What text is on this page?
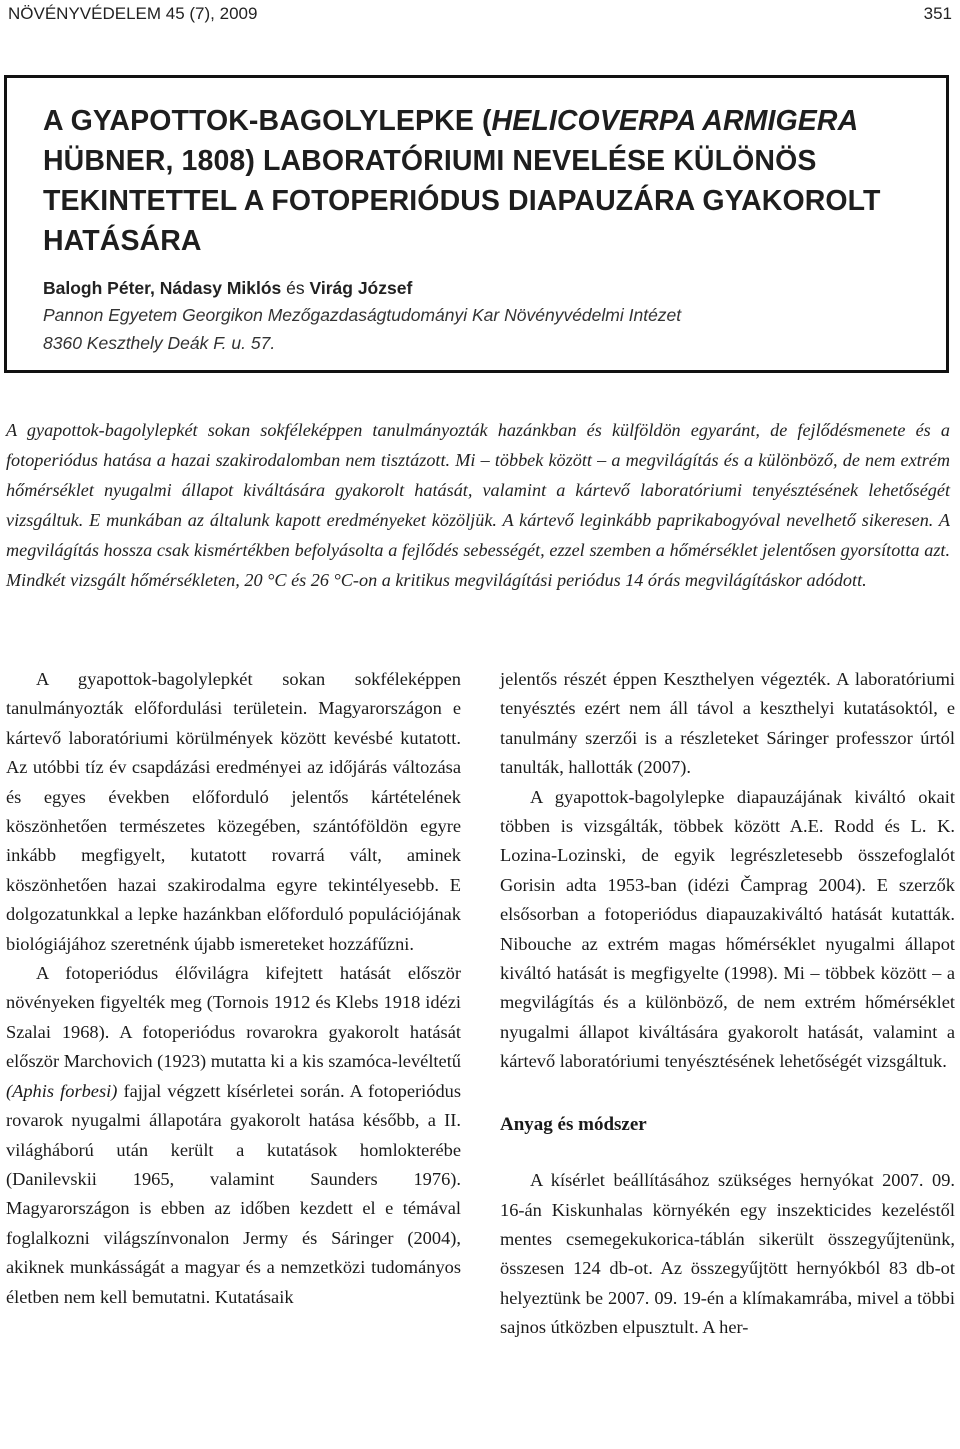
NÖVÉNYVÉDELEM 45 (7), 2009	351
A GYAPOTTOK-BAGOLYLEPKE (HELICOVERPA ARMIGERA
HÜBNER, 1808) LABORATÓRIUMI NEVELÉSE KÜLÖNÖS TEKINTETTEL A FOTOPERIÓDUS DIAPAUZÁRA GYAKOROLT HATÁSÁRA
Balogh Péter, Nádasy Miklós és Virág József
Pannon Egyetem Georgikon Mezőgazdaságtudományi Kar Növényvédelmi Intézet
8360 Keszthely Deák F. u. 57.
A gyapottok-bagolylepkét sokan sokféleképpen tanulmányozták hazánkban és külföldön egyaránt, de fejlődésmenete és a fotoperiódus hatása a hazai szakirodalomban nem tisztázott. Mi – többek között – a megvilágítás és a különböző, de nem extrém hőmérséklet nyugalmi állapot kiváltására gyakorolt hatását, valamint a kártevő laboratóriumi tenyésztésének lehetőségét vizsgáltuk. E munkában az általunk kapott eredményeket közöljük. A kártevő leginkább paprikabogyóval nevelhető sikeresen. A megvilágítás hossza csak kismértékben befolyásolta a fejlődés sebességét, ezzel szemben a hőmérséklet jelentősen gyorsította azt. Mindkét vizsgált hőmérsékleten, 20 °C és 26 °C-on a kritikus megvilágítási periódus 14 órás megvilágításkor adódott.

A gyapottok-bagolylepkét sokan sokféleképpen tanulmányozták előfordulási területein. Magyarországon e kártevő laboratóriumi körülmények között kevésbé kutatott. Az utóbbi tíz év csapdázási eredményei az időjárás változása és egyes években előforduló jelentős kártételének köszönhetően természetes közegében, szántóföldön egyre inkább megfigyelt, kutatott rovarrá vált, aminek köszönhetően hazai szakirodalma egyre tekintélyesebb. E dolgozatunkkal a lepke hazánkban előforduló populációjának biológiájához szeretnénk újabb ismereteket hozzáfűzni.

A fotoperiódus élővilágra kifejtett hatását először növényeken figyelték meg (Tornois 1912 és Klebs 1918 idézi Szalai 1968). A fotoperiódus rovarokra gyakorolt hatását először Marchovich (1923) mutatta ki a kis szamóca-levéltetű (Aphis forbesi) fajjal végzett kísérletei során. A fotoperiódus rovarok nyugalmi állapotára gyakorolt hatása később, a II. világháború után került a kutatások homlokterébe (Danilevskii 1965, valamint Saunders 1976). Magyarországon is ebben az időben kezdett el e témával foglalkozni világszínvonalon Jermy és Sáringer (2004), akiknek munkásságát a magyar és a nemzetközi tudományos életben nem kell bemutatni. Kutatásaik

jelentős részét éppen Keszthelyen végezték. A laboratóriumi tenyésztés ezért nem áll távol a keszthelyi kutatásoktól, e tanulmány szerzői is a részleteket Sáringer professzor úrtól tanulták, hallották (2007).

A gyapottok-bagolylepke diapauzájának kiváltó okait többen is vizsgálták, többek között A.E. Rodd és L. K. Lozina-Lozinski, de egyik legrészletesebb összefoglalót Gorisin adta 1953-ban (idézi Čamprag 2004). E szerzők elsősorban a fotoperiódus diapauzakiváltó hatását kutatták. Nibouche az extrém magas hőmérséklet nyugalmi állapot kiváltó hatását is megfigyelte (1998). Mi – többek között – a megvilágítás és a különböző, de nem extrém hőmérséklet nyugalmi állapot kiváltására gyakorolt hatását, valamint a kártevő laboratóriumi tenyésztésének lehetőségét vizsgáltuk.

Anyag és módszer

A kísérlet beállításához szükséges hernyókat 2007. 09. 16-án Kiskunhalas környékén egy inszekticides kezeléstől mentes csemegekukorica-táblán sikerült összegyűjtenünk, összesen 124 db-ot. Az összegyűjtött hernyókból 83 db-ot helyeztünk be 2007. 09. 19-én a klímakamrába, mivel a többi sajnos útközben elpusztult. A her-
